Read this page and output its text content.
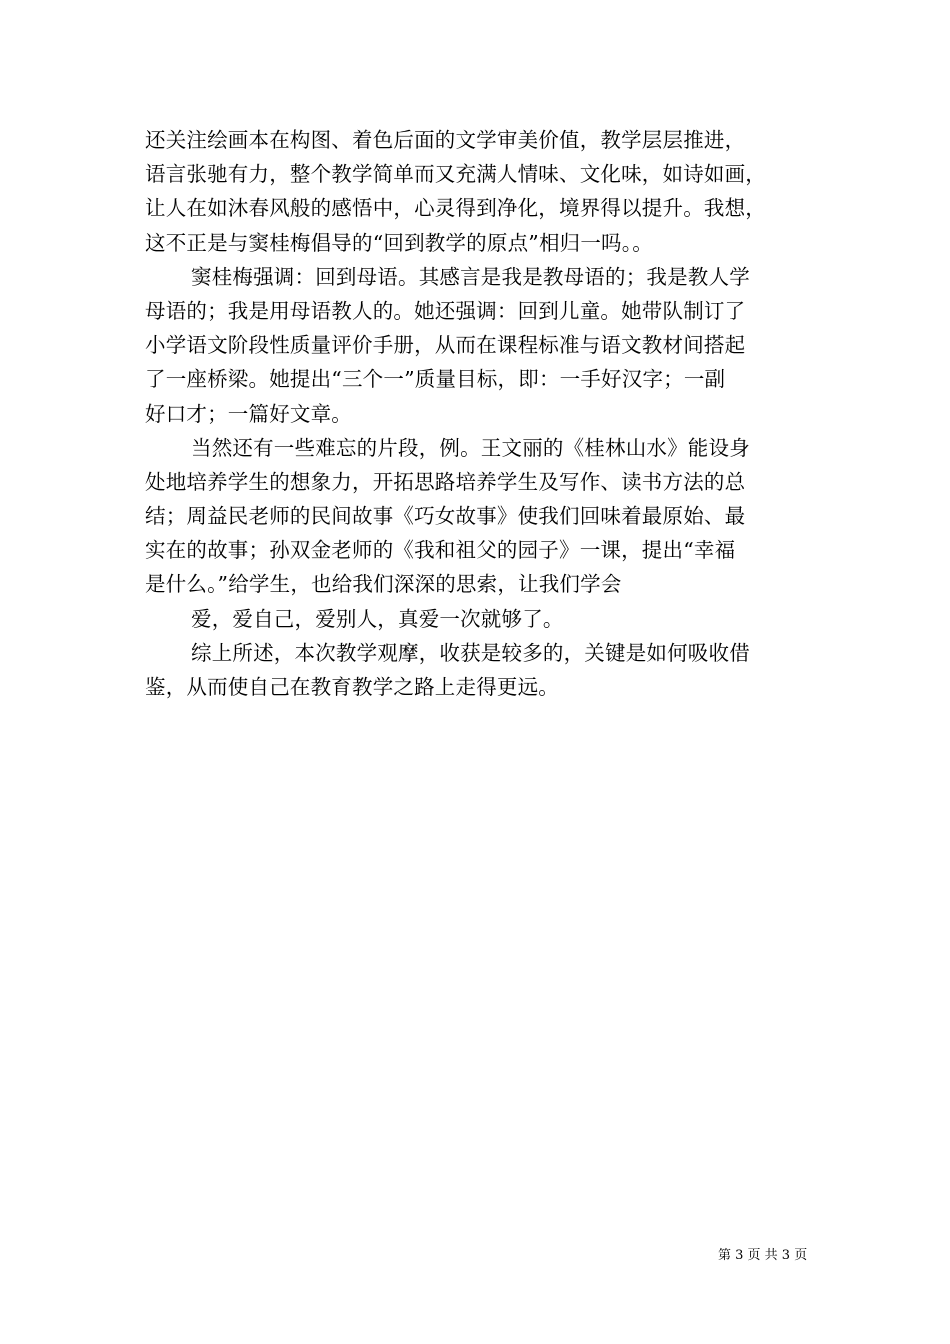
还关注绘画本在构图、着色后面的文学审美价值，教学层层推进，
语言张驰有力，整个教学简单而又充满人情味、文化味，如诗如画，
让人在如沐春风般的感悟中，心灵得到净化，境界得以提升。我想，
这不正是与窦桂梅倡导的“回到教学的原点”相归一吗。。
窦桂梅强调：回到母语。其感言是我是教母语的；我是教人学
母语的；我是用母语教人的。她还强调：回到儿童。她带队制订了
小学语文阶段性质量评价手册，从而在课程标准与语文教材间搭起
了一座桥梁。她提出“三个一”质量目标，即：一手好汉字；一副
好口才；一篇好文章。
当然还有一些难忘的片段，例。王文丽的《桂林山水》能设身
处地培养学生的想象力，开拓思路培养学生及写作、读书方法的总
结；周益民老师的民间故事《巧女故事》使我们回味着最原始、最
实在的故事；孙双金老师的《我和祖父的园子》一课，提出“幸福
是什么。”给学生，也给我们深深的思索，让我们学会
爱，爱自己，爱别人，真爱一次就够了。
综上所述，本次教学观摩，收获是较多的，关键是如何吸收借
鉴，从而使自己在教育教学之路上走得更远。
第 3 页 共 3 页
